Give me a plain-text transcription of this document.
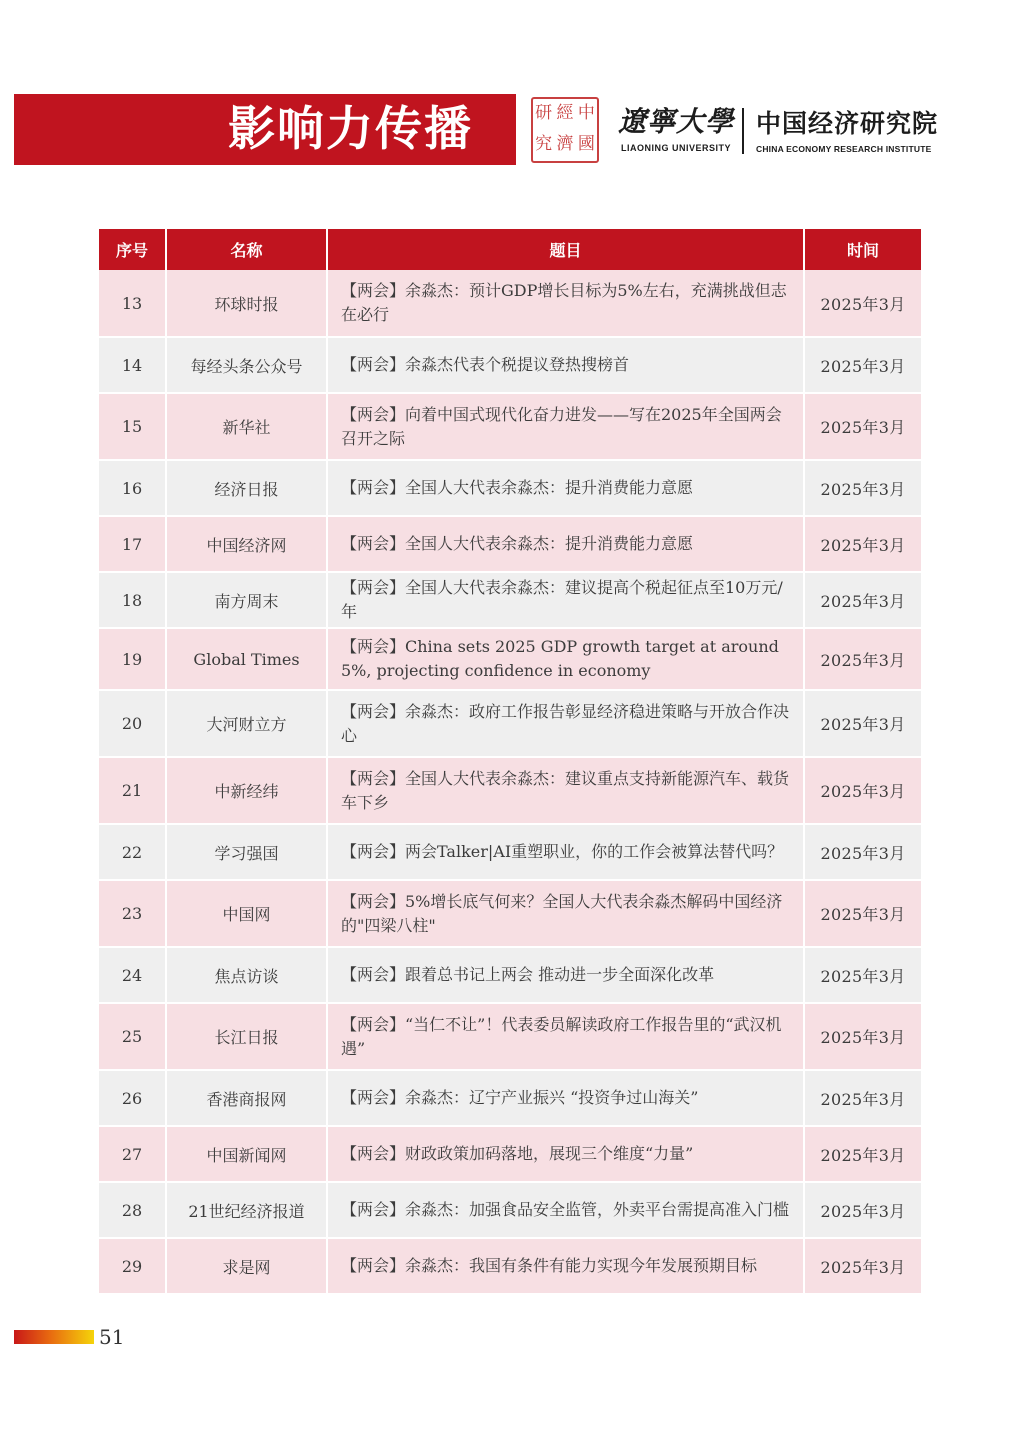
影响力传播	研 經 中
究 濟 國
遼寧大學
LIAONING UNIVERSITY
中国经济研究院
CHINA ECONOMY RESEARCH INSTITUTE
序号	名称	题目	时间
13	环球时报	【两会】余淼杰：预计GDP增长目标为5%左右，充满挑战但志在必行	2025年3月
14	每经头条公众号	【两会】余淼杰代表个税提议登热搜榜首	2025年3月
15	新华社	【两会】向着中国式现代化奋力进发——写在2025年全国两会召开之际	2025年3月
16	经济日报	【两会】全国人大代表余淼杰：提升消费能力意愿	2025年3月
17	中国经济网	【两会】全国人大代表余淼杰：提升消费能力意愿	2025年3月
18	南方周末	【两会】全国人大代表余淼杰：建议提高个税起征点至10万元/年	2025年3月
19	Global Times	【两会】China sets 2025 GDP growth target at around 5%, projecting confidence in economy	2025年3月
20	大河财立方	【两会】余淼杰：政府工作报告彰显经济稳进策略与开放合作决心	2025年3月
21	中新经纬	【两会】全国人大代表余淼杰：建议重点支持新能源汽车、载货车下乡	2025年3月
22	学习强国	【两会】两会Talker|AI重塑职业，你的工作会被算法替代吗？	2025年3月
23	中国网	【两会】5%增长底气何来？全国人大代表余淼杰解码中国经济的"四梁八柱"	2025年3月
24	焦点访谈	【两会】跟着总书记上两会 推动进一步全面深化改革	2025年3月
25	长江日报	【两会】“当仁不让”！代表委员解读政府工作报告里的“武汉机遇”	2025年3月
26	香港商报网	【两会】余淼杰：辽宁产业振兴 “投资争过山海关”	2025年3月
27	中国新闻网	【两会】财政政策加码落地，展现三个维度“力量”	2025年3月
28	21世纪经济报道	【两会】余淼杰：加强食品安全监管，外卖平台需提高准入门槛	2025年3月
29	求是网	【两会】余淼杰：我国有条件有能力实现今年发展预期目标	2025年3月
51
